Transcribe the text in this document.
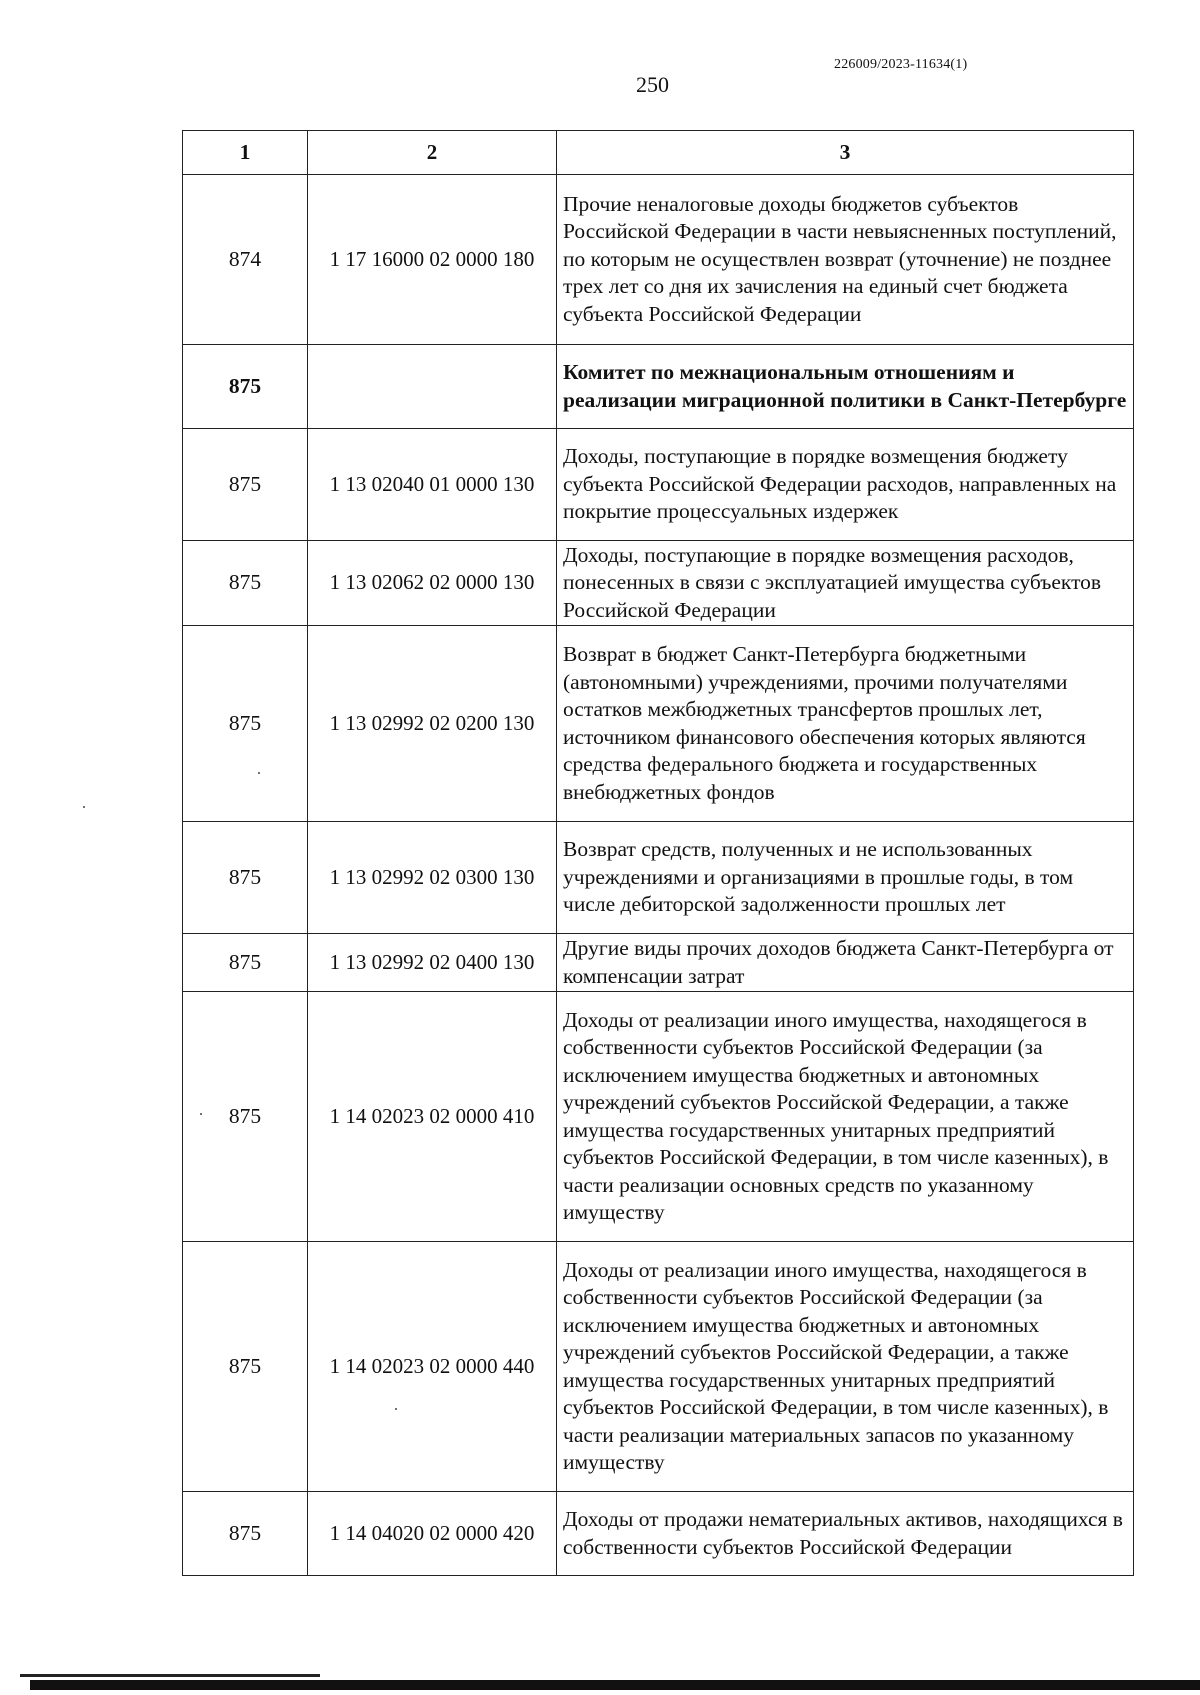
226009/2023-11634(1)
250
1	2	3
874	1 17 16000 02 0000 180	Прочие неналоговые доходы бюджетов субъектов Российской Федерации в части невыясненных поступлений, по которым не осуществлен возврат (уточнение) не позднее трех лет со дня их зачисления на единый счет бюджета субъекта Российской Федерации
875		Комитет по межнациональным отношениям и реализации миграционной политики в Санкт-Петербурге
875	1 13 02040 01 0000 130	Доходы, поступающие в порядке возмещения бюджету субъекта Российской Федерации расходов, направленных на покрытие процессуальных издержек
875	1 13 02062 02 0000 130	Доходы, поступающие в порядке возмещения расходов, понесенных в связи с эксплуатацией имущества субъектов Российской Федерации
875	1 13 02992 02 0200 130	Возврат в бюджет Санкт-Петербурга бюджетными (автономными) учреждениями, прочими получателями остатков межбюджетных трансфертов прошлых лет, источником финансового обеспечения которых являются средства федерального бюджета и государственных внебюджетных фондов
875	1 13 02992 02 0300 130	Возврат средств, полученных и не использованных учреждениями и организациями в прошлые годы, в том числе дебиторской задолженности прошлых лет
875	1 13 02992 02 0400 130	Другие виды прочих доходов бюджета Санкт-Петербурга от компенсации затрат
875	1 14 02023 02 0000 410	Доходы от реализации иного имущества, находящегося в собственности субъектов Российской Федерации (за исключением имущества бюджетных и автономных учреждений субъектов Российской Федерации, а также имущества государственных унитарных предприятий субъектов Российской Федерации, в том числе казенных), в части реализации основных средств по указанному имуществу
875	1 14 02023 02 0000 440	Доходы от реализации иного имущества, находящегося в собственности субъектов Российской Федерации (за исключением имущества бюджетных и автономных учреждений субъектов Российской Федерации, а также имущества государственных унитарных предприятий субъектов Российской Федерации, в том числе казенных), в части реализации материальных запасов по указанному имуществу
875	1 14 04020 02 0000 420	Доходы от продажи нематериальных активов, находящихся в собственности субъектов Российской Федерации
